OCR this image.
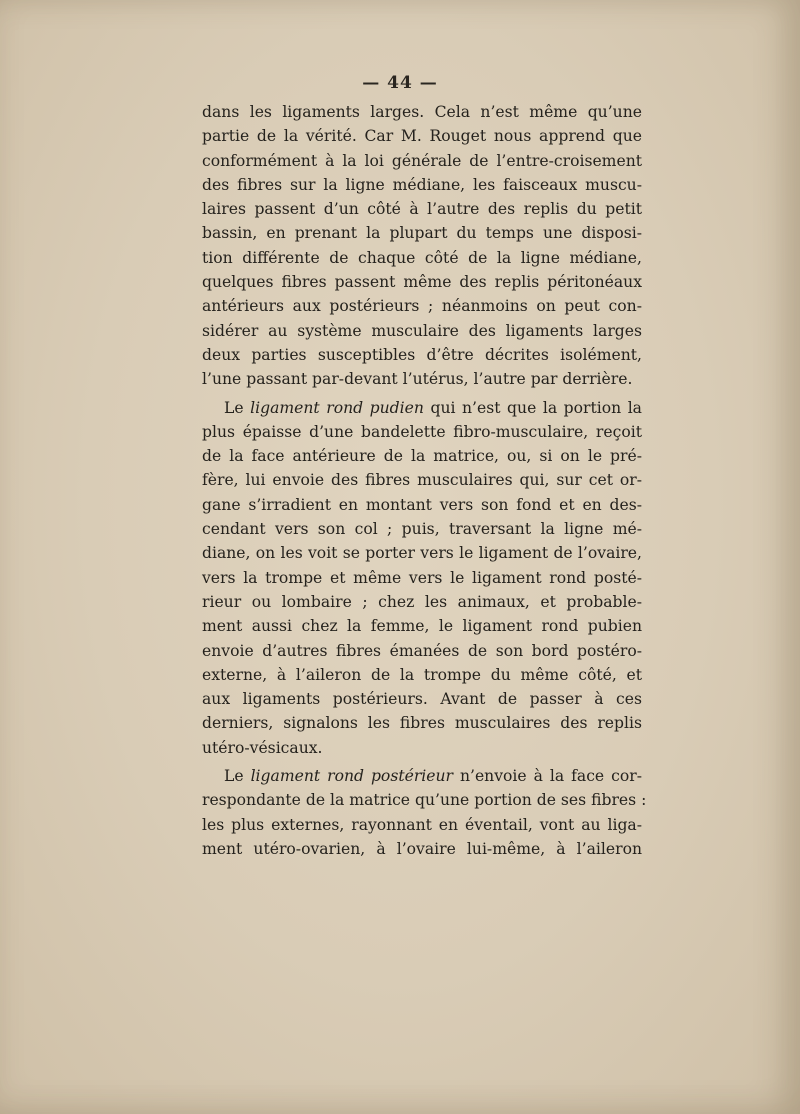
— 44 —
dans les ligaments larges. Cela n’est même qu’une
partie de la vérité. Car M. Rouget nous apprend que
conformément à la loi générale de l’entre-croisement
des fibres sur la ligne médiane, les faisceaux muscu-
laires passent d’un côté à l’autre des replis du petit
bassin, en prenant la plupart du temps une disposi-
tion différente de chaque côté de la ligne médiane,
quelques fibres passent même des replis péritonéaux
antérieurs aux postérieurs ; néanmoins on peut con-
sidérer au système musculaire des ligaments larges
deux parties susceptibles d’être décrites isolément,
l’une passant par-devant l’utérus, l’autre par derrière.
Le ligament rond pudien qui n’est que la portion la
plus épaisse d’une bandelette fibro-musculaire, reçoit
de la face antérieure de la matrice, ou, si on le pré-
fère, lui envoie des fibres musculaires qui, sur cet or-
gane s’irradient en montant vers son fond et en des-
cendant vers son col ; puis, traversant la ligne mé-
diane, on les voit se porter vers le ligament de l’ovaire,
vers la trompe et même vers le ligament rond posté-
rieur ou lombaire ; chez les animaux, et probable-
ment aussi chez la femme, le ligament rond pubien
envoie d’autres fibres émanées de son bord postéro-
externe, à l’aileron de la trompe du même côté, et
aux ligaments postérieurs. Avant de passer à ces
derniers, signalons les fibres musculaires des replis
utéro-vésicaux.
Le ligament rond postérieur n’envoie à la face cor-
respondante de la matrice qu’une portion de ses fibres :
les plus externes, rayonnant en éventail, vont au liga-
ment utéro-ovarien, à l’ovaire lui-même, à l’aileron
